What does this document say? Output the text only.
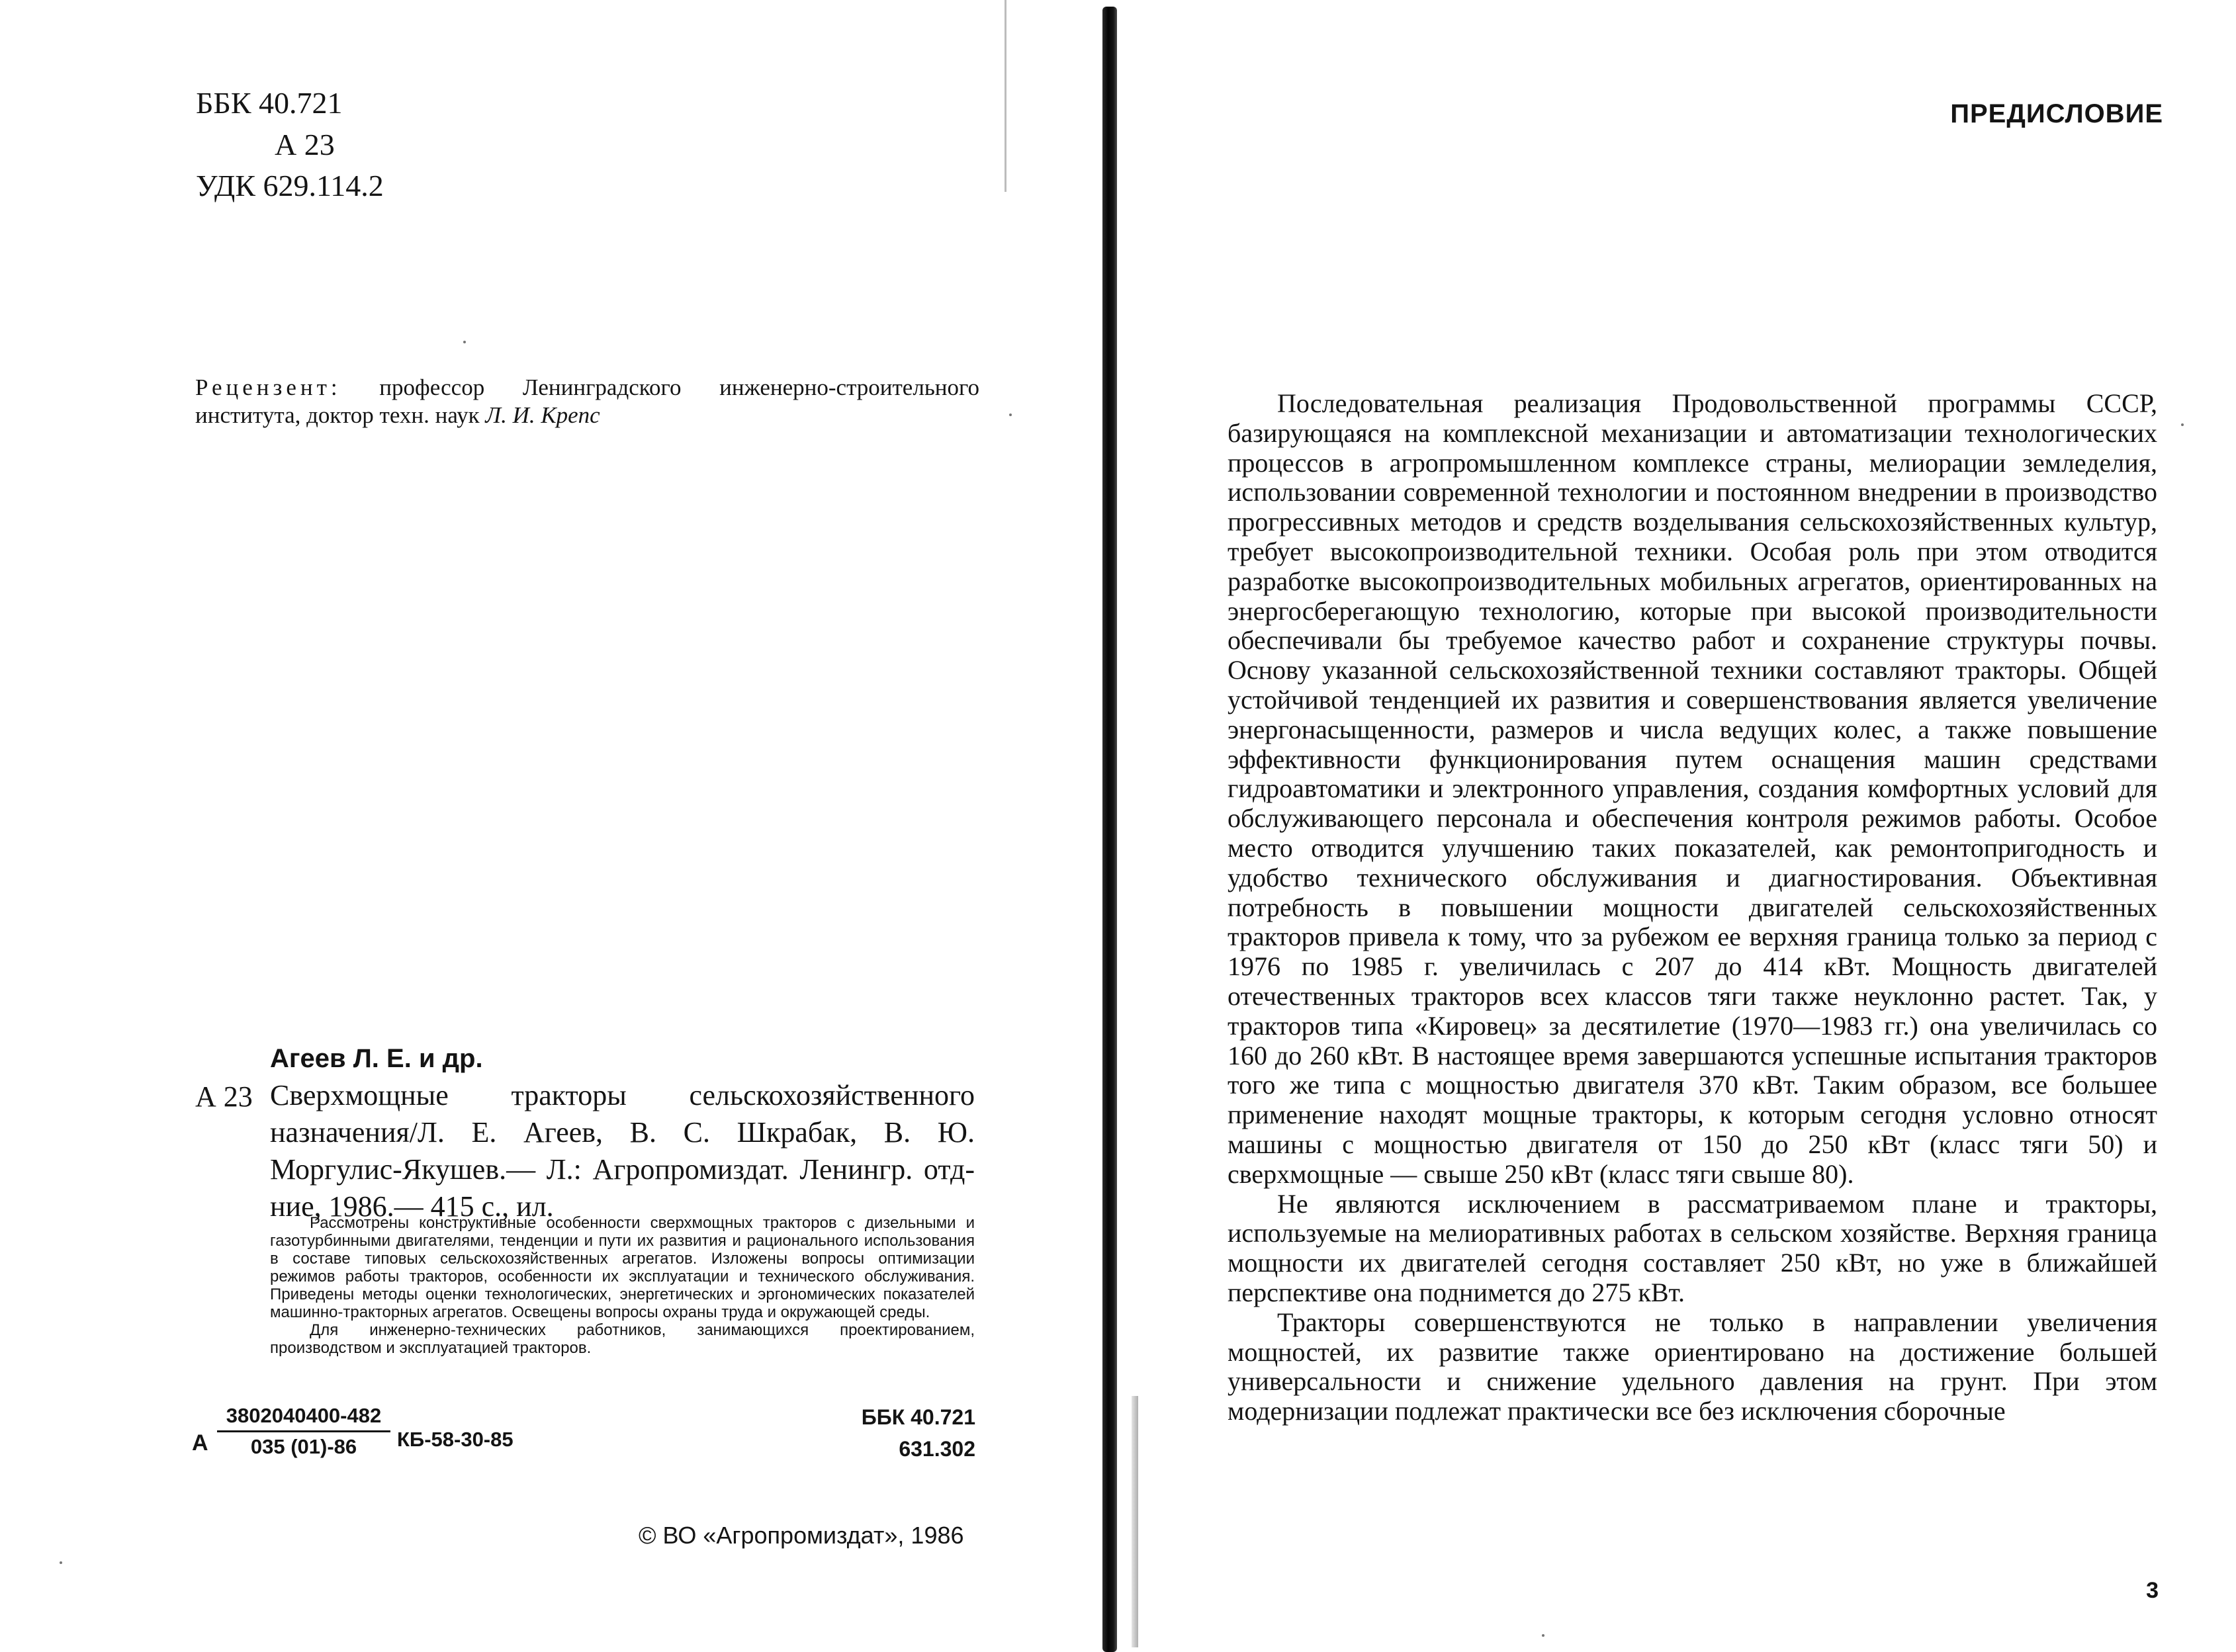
ББК 40.721
А 23
УДК 629.114.2
Рецензент: профессор Ленинградского инженерно-строительного института, доктор техн. наук Л. И. Крепс
Агеев Л. Е. и др.
А 23 Сверхмощные тракторы сельскохозяйственного назначения/Л. Е. Агеев, В. С. Шкрабак, В. Ю. Моргулис-Якушев.— Л.: Агропромиздат. Ленингр. отд-ние, 1986.— 415 с., ил.

Рассмотрены конструктивные особенности сверхмощных тракторов с дизельными и газотурбинными двигателями, тенденции и пути их развития и рационального использования в составе типовых сельскохозяйственных агрегатов. Изложены вопросы оптимизации режимов работы тракторов, особенности их эксплуатации и технического обслуживания. Приведены методы оценки технологических, энергетических и эргономических показателей машинно-тракторных агрегатов. Освещены вопросы охраны труда и окружающей среды.

Для инженерно-технических работников, занимающихся проектированием, производством и эксплуатацией тракторов.

А $\frac{3802040400-482}{035 (01)-86} КБ-58-30-85$
ББК 40.721
631.302
© ВО «Агропромиздат», 1986
ПРЕДИСЛОВИЕ

Последовательная реализация Продовольственной программы СССР, базирующаяся на комплексной механизации и автоматизации технологических процессов в агропромышленном комплексе страны, мелиорации земледелия, использовании современной технологии и постоянном внедрении в производство прогрессивных методов и средств возделывания сельскохозяйственных культур, требует высокопроизводительной техники. Особая роль при этом отводится разработке высокопроизводительных мобильных агрегатов, ориентированных на энергосберегающую технологию, которые при высокой производительности обеспечивали бы требуемое качество работ и сохранение структуры почвы. Основу указанной сельскохозяйственной техники составляют тракторы. Общей устойчивой тенденцией их развития и совершенствования является увеличение энергонасыщенности, размеров и числа ведущих колес, а также повышение эффективности функционирования путем оснащения машин средствами гидроавтоматики и электронного управления, создания комфортных условий для обслуживающего персонала и обеспечения контроля режимов работы. Особое место отводится улучшению таких показателей, как ремонтопригодность и удобство технического обслуживания и диагностирования. Объективная потребность в повышении мощности двигателей сельскохозяйственных тракторов привела к тому, что за рубежом ее верхняя граница только за период с 1976 по 1985 г. увеличилась с 207 до 414 кВт. Мощность двигателей отечественных тракторов всех классов тяги также неуклонно растет. Так, у тракторов типа «Кировец» за десятилетие (1970—1983 гг.) она увеличилась со 160 до 260 кВт. В настоящее время завершаются успешные испытания тракторов того же типа с мощностью двигателя 370 кВт. Таким образом, все большее применение находят мощные тракторы, к которым сегодня условно относят машины с мощностью двигателя от 150 до 250 кВт (класс тяги 50) и сверхмощные — свыше 250 кВт (класс тяги свыше 80).

Не являются исключением в рассматриваемом плане и тракторы, используемые на мелиоративных работах в сельском хозяйстве. Верхняя граница мощности их двигателей сегодня составляет 250 кВт, но уже в ближайшей перспективе она поднимется до 275 кВт.

Тракторы совершенствуются не только в направлении увеличения мощностей, их развитие также ориентировано на достижение большей универсальности и снижение удельного давления на грунт. При этом модернизации подлежат практически все без исключения сборочные

3
